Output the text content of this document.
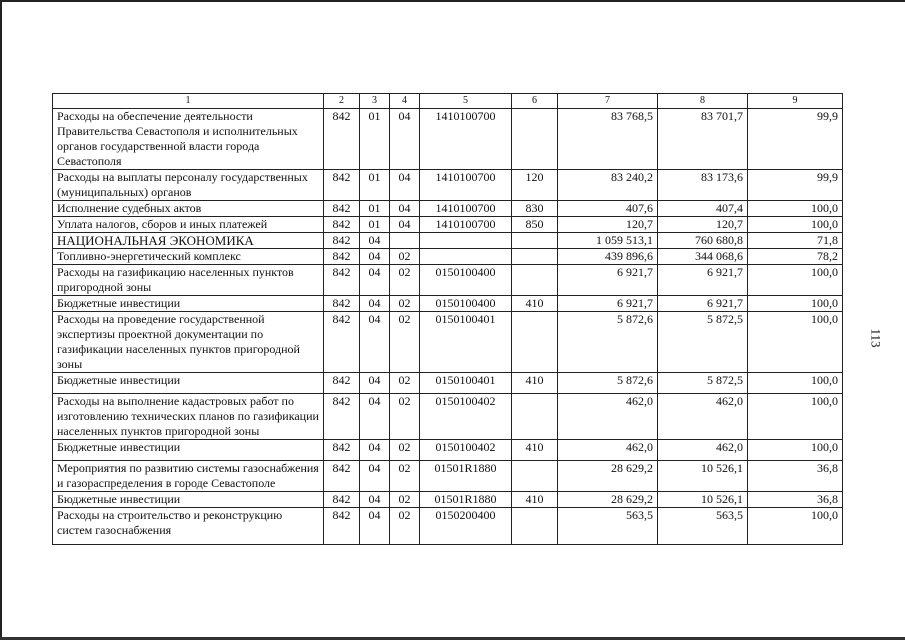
1	2	3	4	5	6	7	8	9
Расходы на обеспечение деятельности Правительства Севастополя и исполнительных органов государственной власти города Севастополя	842	01	04	1410100700		83 768,5	83 701,7	99,9
Расходы на выплаты персоналу государственных (муниципальных) органов	842	01	04	1410100700	120	83 240,2	83 173,6	99,9
Исполнение судебных актов	842	01	04	1410100700	830	407,6	407,4	100,0
Уплата налогов, сборов и иных платежей	842	01	04	1410100700	850	120,7	120,7	100,0
НАЦИОНАЛЬНАЯ ЭКОНОМИКА	842	04				1 059 513,1	760 680,8	71,8
Топливно-энергетический комплекс	842	04	02			439 896,6	344 068,6	78,2
Расходы на газификацию населенных пунктов пригородной зоны	842	04	02	0150100400		6 921,7	6 921,7	100,0
Бюджетные инвестиции	842	04	02	0150100400	410	6 921,7	6 921,7	100,0
Расходы на проведение государственной экспертизы проектной документации по газификации населенных пунктов пригородной зоны	842	04	02	0150100401		5 872,6	5 872,5	100,0
Бюджетные инвестиции	842	04	02	0150100401	410	5 872,6	5 872,5	100,0
Расходы на выполнение кадастровых работ по изготовлению технических планов по газификации населенных пунктов пригородной зоны	842	04	02	0150100402		462,0	462,0	100,0
Бюджетные инвестиции	842	04	02	0150100402	410	462,0	462,0	100,0
Мероприятия по развитию системы газоснабжения и газораспределения в городе Севастополе	842	04	02	01501R1880		28 629,2	10 526,1	36,8
Бюджетные инвестиции	842	04	02	01501R1880	410	28 629,2	10 526,1	36,8
Расходы на строительство и реконструкцию систем газоснабжения	842	04	02	0150200400		563,5	563,5	100,0
113
